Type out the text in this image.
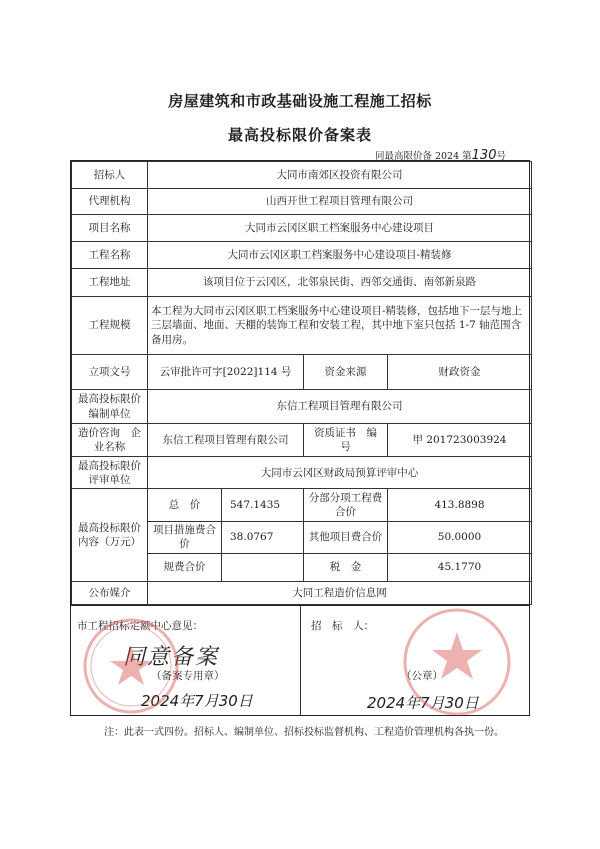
房屋建筑和市政基础设施工程施工招标
最高投标限价备案表
同最高限价备 2024 第130号
招标人	大同市南郊区投资有限公司			
代理机构	山西开世工程项目管理有限公司			
项目名称	大同市云冈区职工档案服务中心建设项目			
工程名称	大同市云冈区职工档案服务中心建设项目-精装修			
工程地址	该项目位于云冈区，北邻泉民街、西邻交通街、南邻新泉路			
工程规模	本工程为大同市云冈区职工档案服务中心建设项目-精装修，包括地下一层与地上三层墙面、地面、天棚的装饰工程和安装工程，其中地下室只包括 1-7 轴范围含备用房。			
立项文号	云审批许可字[2022]114 号		资金来源	财政资金
最高投标限价编制单位	东信工程项目管理有限公司			
造价咨询　企业名称	东信工程项目管理有限公司		资质证书　编　号	甲 201723003924
最高投标限价评审单位	大同市云冈区财政局预算评审中心			
最高投标限价内容（万元）	总　价	547.1435	分部分项工程费合价	413.8898
	项目措施费合　价	38.0767	其他项目费合价	50.0000
	规费合价		税　金	45.1770
公布媒介	大同工程造价信息网			
市工程招标定额中心意见：
同意备案
（备案专用章）
2024年7月30日
招　标　人：
（公章）
2024年7月30日
注：此表一式四份。招标人、编制单位、招标投标监督机构、工程造价管理机构各执一份。
